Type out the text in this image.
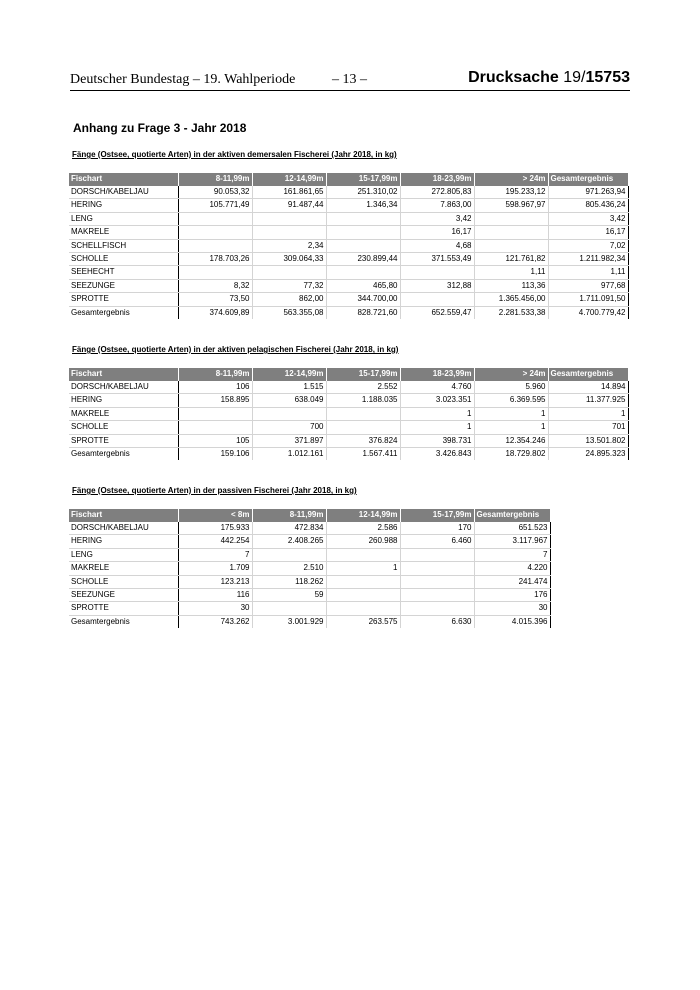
Deutscher Bundestag – 19. Wahlperiode	– 13 –	Drucksache 19/15753
Anhang zu Frage 3 - Jahr 2018
Fänge (Ostsee, quotierte Arten) in der aktiven demersalen Fischerei (Jahr 2018, in kg)
Fischart	8-11,99m	12-14,99m	15-17,99m	18-23,99m	> 24m	Gesamtergebnis
DORSCH/KABELJAU	90.053,32	161.861,65	251.310,02	272.805,83	195.233,12	971.263,94
HERING	105.771,49	91.487,44	1.346,34	7.863,00	598.967,97	805.436,24
LENG				3,42		3,42
MAKRELE				16,17		16,17
SCHELLFISCH		2,34		4,68		7,02
SCHOLLE	178.703,26	309.064,33	230.899,44	371.553,49	121.761,82	1.211.982,34
SEEHECHT					1,11	1,11
SEEZUNGE	8,32	77,32	465,80	312,88	113,36	977,68
SPROTTE	73,50	862,00	344.700,00		1.365.456,00	1.711.091,50
Gesamtergebnis	374.609,89	563.355,08	828.721,60	652.559,47	2.281.533,38	4.700.779,42
Fänge (Ostsee, quotierte Arten) in der aktiven pelagischen Fischerei (Jahr 2018, in kg)
Fischart	8-11,99m	12-14,99m	15-17,99m	18-23,99m	> 24m	Gesamtergebnis
DORSCH/KABELJAU	106	1.515	2.552	4.760	5.960	14.894
HERING	158.895	638.049	1.188.035	3.023.351	6.369.595	11.377.925
MAKRELE				1	1	1
SCHOLLE		700		1	1	701
SPROTTE	105	371.897	376.824	398.731	12.354.246	13.501.802
Gesamtergebnis	159.106	1.012.161	1.567.411	3.426.843	18.729.802	24.895.323
Fänge (Ostsee, quotierte Arten) in der passiven Fischerei (Jahr 2018, in kg)
Fischart	< 8m	8-11,99m	12-14,99m	15-17,99m	Gesamtergebnis
DORSCH/KABELJAU	175.933	472.834	2.586	170	651.523
HERING	442.254	2.408.265	260.988	6.460	3.117.967
LENG	7				7
MAKRELE	1.709	2.510	1		4.220
SCHOLLE	123.213	118.262			241.474
SEEZUNGE	116	59			176
SPROTTE	30				30
Gesamtergebnis	743.262	3.001.929	263.575	6.630	4.015.396
